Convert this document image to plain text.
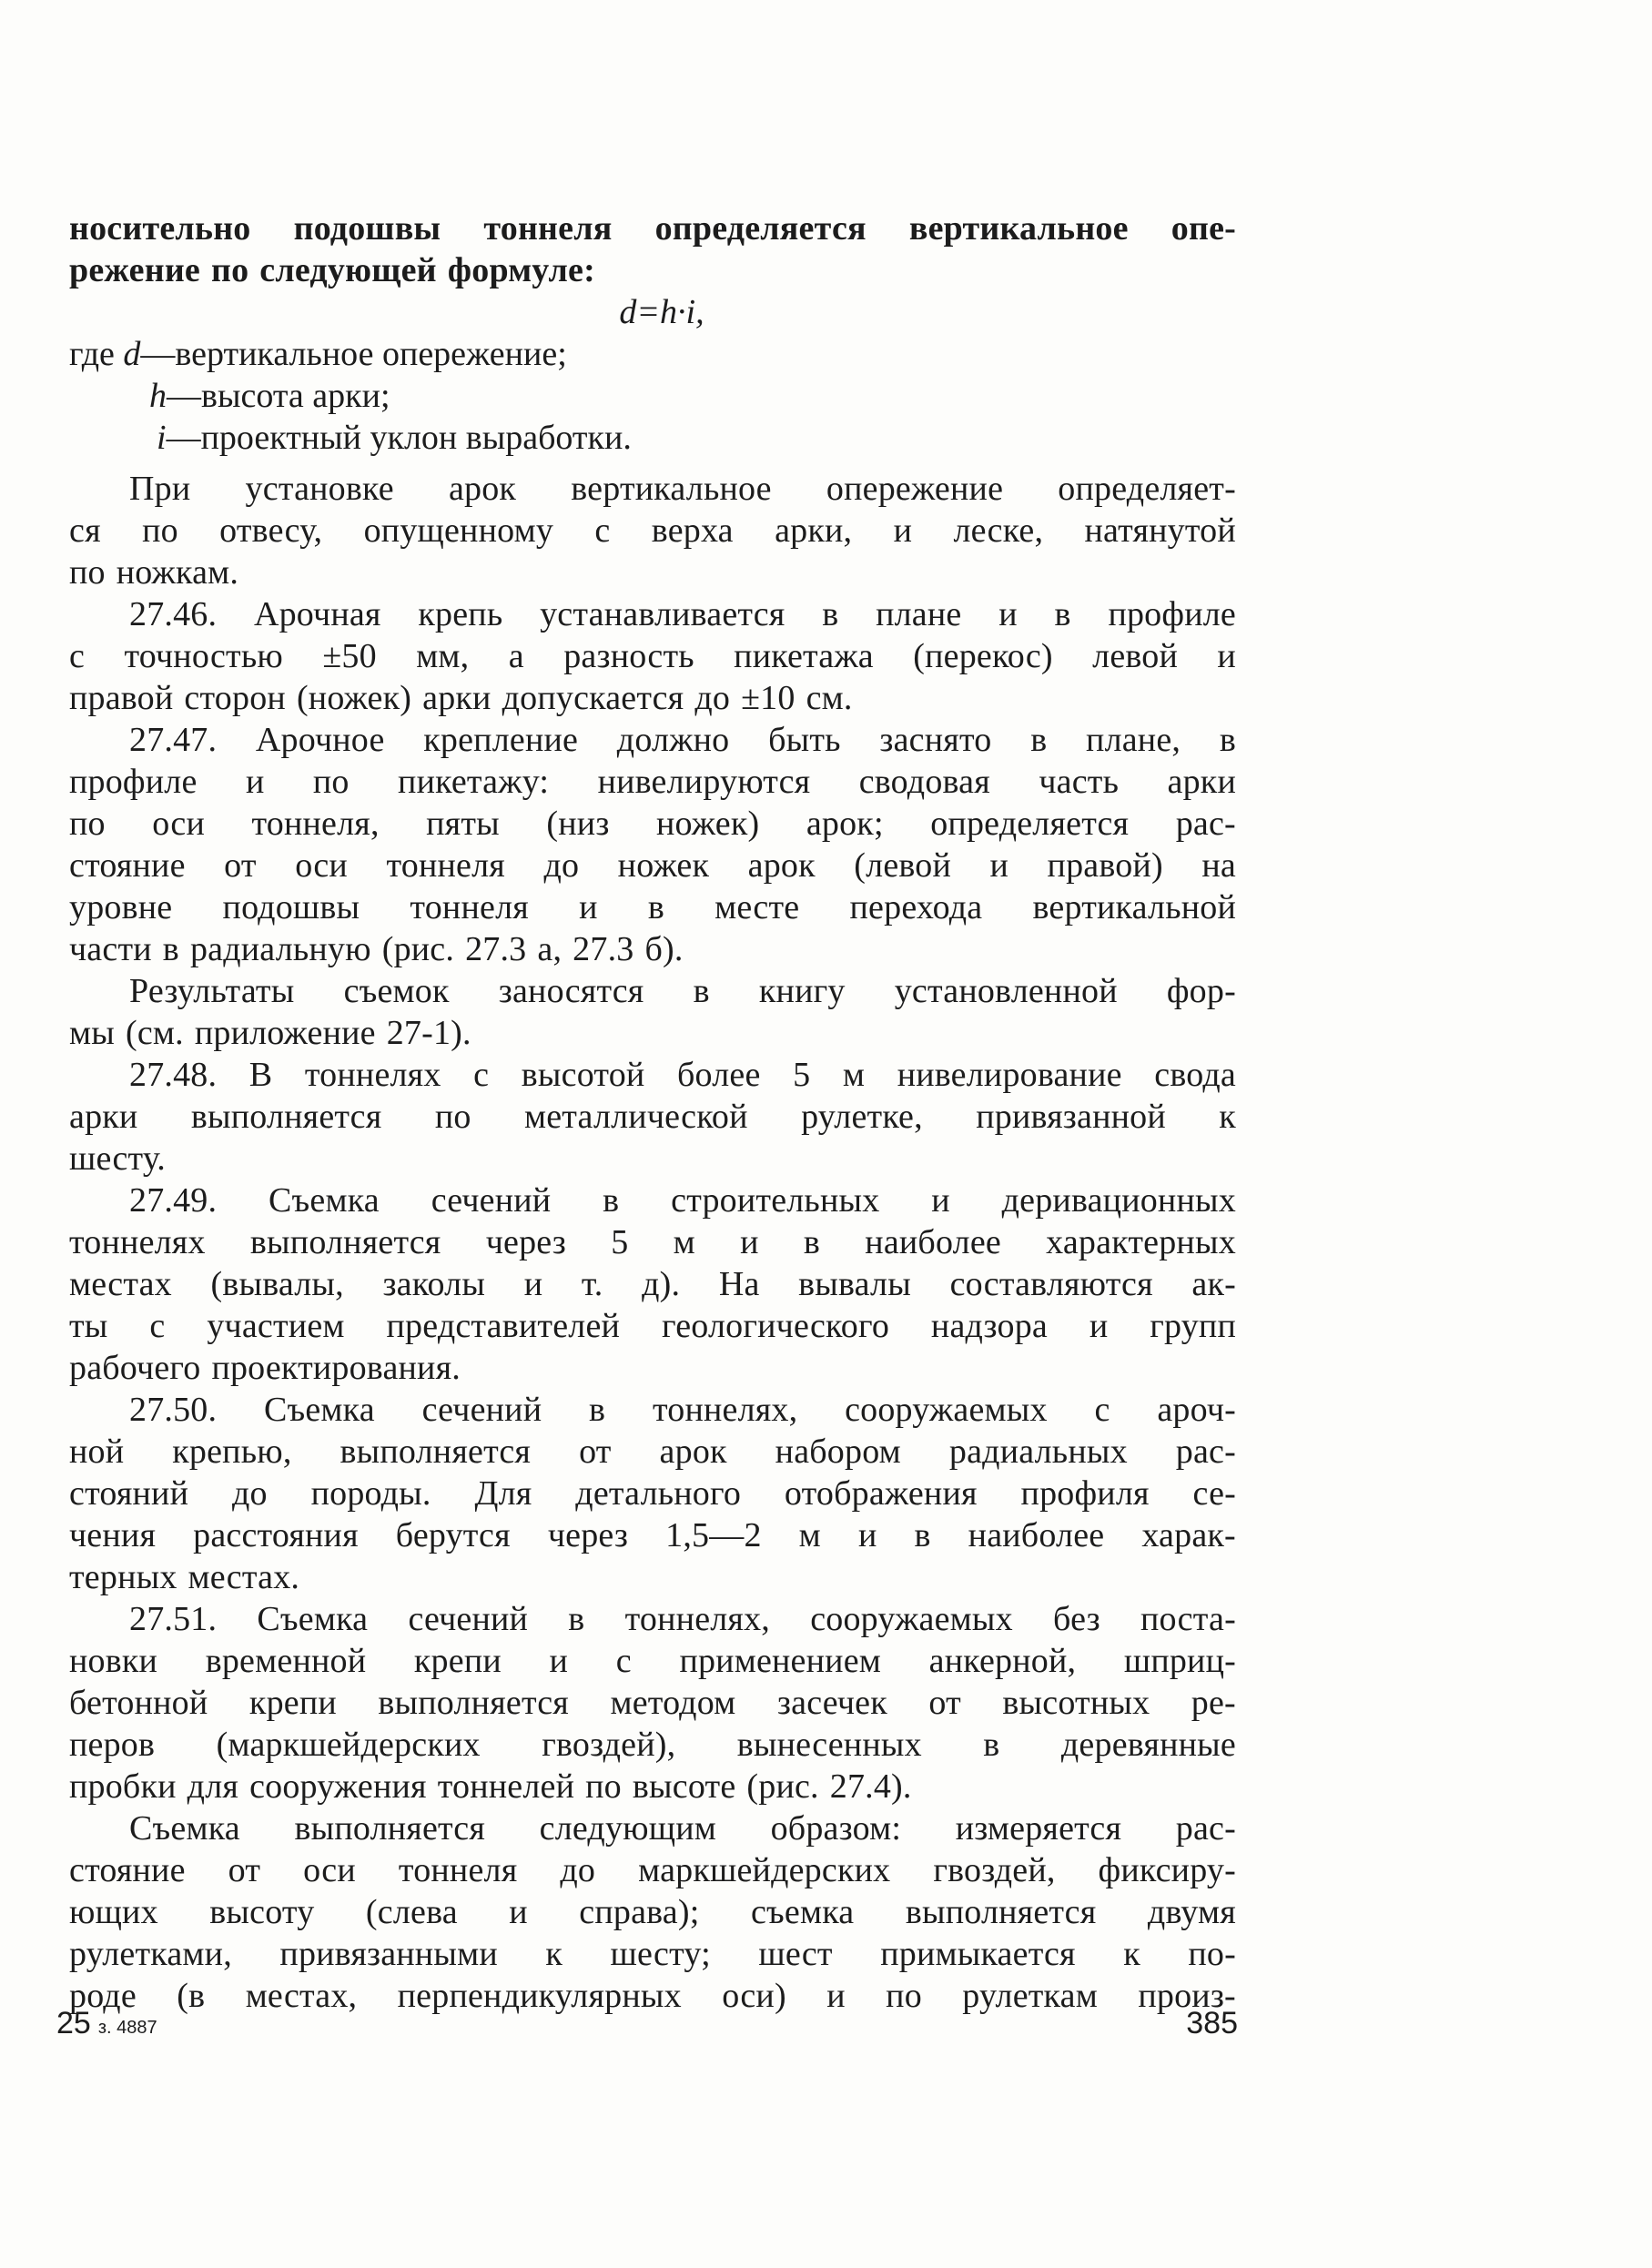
носительно подошвы тоннеля определяется вертикальное опе-
режение по следующей формуле:
d=h·i,
где d—вертикальное опережение;
h—высота арки;
i—проектный уклон выработки.
При установке арок вертикальное опережение определяет-
ся по отвесу, опущенному с верха арки, и леске, натянутой
по ножкам.
27.46. Арочная крепь устанавливается в плане и в профиле
с точностью ±50 мм, а разность пикетажа (перекос) левой и
правой сторон (ножек) арки допускается до ±10 см.
27.47. Арочное крепление должно быть заснято в плане, в
профиле и по пикетажу: нивелируются сводовая часть арки
по оси тоннеля, пяты (низ ножек) арок; определяется рас-
стояние от оси тоннеля до ножек арок (левой и правой) на
уровне подошвы тоннеля и в месте перехода вертикальной
части в радиальную (рис. 27.3 а, 27.3 б).
Результаты съемок заносятся в книгу установленной фор-
мы (см. приложение 27-1).
27.48. В тоннелях с высотой более 5 м нивелирование свода
арки выполняется по металлической рулетке, привязанной к
шесту.
27.49. Съемка сечений в строительных и деривационных
тоннелях выполняется через 5 м и в наиболее характерных
местах (вывалы, заколы и т. д). На вывалы составляются ак-
ты с участием представителей геологического надзора и групп
рабочего проектирования.
27.50. Съемка сечений в тоннелях, сооружаемых с aроч-
ной крепью, выполняется от арок набором радиальных рас-
стояний до породы. Для детального отображения профиля се-
чения расстояния берутся через 1,5—2 м и в наиболее харак-
терных местах.
27.51. Съемка сечений в тоннелях, сооружаемых без поста-
новки временной крепи и с применением анкерной, шприц-
бетонной крепи выполняется методом засечек от высотных ре-
перов (маркшейдерских гвоздей), вынесенных в деревянные
пробки для сооружения тоннелей по высоте (рис. 27.4).
Съемка выполняется следующим образом: измеряется рас-
стояние от оси тоннеля до маркшейдерских гвоздей, фиксиру-
ющих высоту (слева и справа); съемка выполняется двумя
рулетками, привязанными к шесту; шест примыкается к по-
роде (в местах, перпендикулярных оси) и по рулеткам произ-
25 з. 4887	385
